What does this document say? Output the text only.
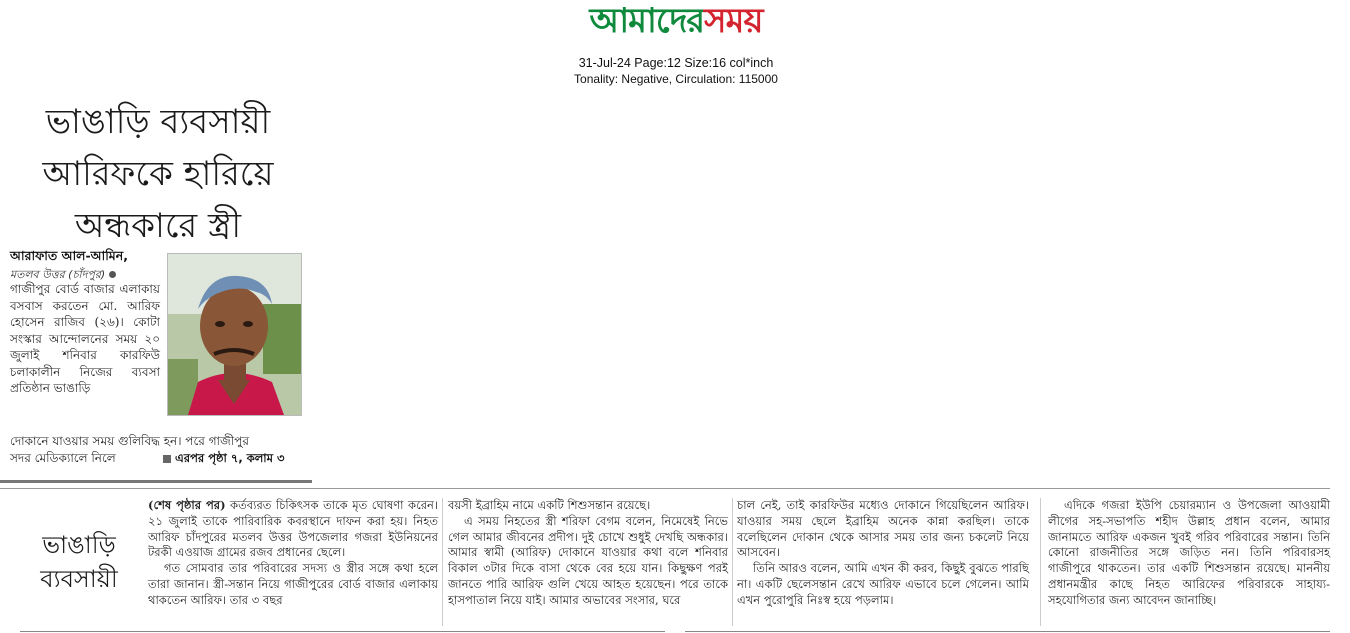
আমাদের সময়
31-Jul-24 Page:12 Size:16 col*inch
Tonality: Negative, Circulation: 115000
ভাঙাড়ি ব্যবসায়ী
আরিফকে হারিয়ে
অন্ধকারে স্ত্রী
আরাফাত আল-আমিন,
মতলব উত্তর (চাঁদপুর)
গাজীপুর বোর্ড বাজার এলাকায় বসবাস করতেন মো. আরিফ হোসেন রাজিব (২৬)। কোটা সংস্কার আন্দোলনের সময় ২০ জুলাই শনিবার কারফিউ চলাকালীন নিজের ব্যবসা প্রতিষ্ঠান ভাঙাড়ি
দোকানে যাওয়ার সময় গুলিবিদ্ধ হন। পরে গাজীপুর
সদর মেডিক্যালে নিলে	এরপর পৃষ্ঠা ৭, কলাম ৩
ভাঙাড়ি
ব্যবসায়ী

(শেষ পৃষ্ঠার পর) কর্তব্যরত চিকিৎসক তাকে মৃত ঘোষণা করেন। ২১ জুলাই তাকে পারিবারিক কবরস্থানে দাফন করা হয়। নিহত আরিফ চাঁদপুরের মতলব উত্তর উপজেলার গজরা ইউনিয়নের টরকী এওয়াজ গ্রামের রজব প্রধানের ছেলে।

গত সোমবার তার পরিবারের সদস্য ও স্ত্রীর সঙ্গে কথা হলে তারা জানান। স্ত্রী-সন্তান নিয়ে গাজীপুরের বোর্ড বাজার এলাকায় থাকতেন আরিফ। তার ৩ বছর

বয়সী ইব্রাহিম নামে একটি শিশুসন্তান রয়েছে।

এ সময় নিহতের স্ত্রী শরিফা বেগম বলেন, নিমেষেই নিভে গেল আমার জীবনের প্রদীপ। দুই চোখে শুধুই দেখছি অন্ধকার। আমার স্বামী (আরিফ) দোকানে যাওয়ার কথা বলে শনিবার বিকাল ৩টার দিকে বাসা থেকে বের হয়ে যান। কিছুক্ষণ পরই জানতে পারি আরিফ গুলি খেয়ে আহত হয়েছেন। পরে তাকে হাসপাতাল নিয়ে যাই। আমার অভাবের সংসার, ঘরে

চাল নেই, তাই কারফিউর মধ্যেও দোকানে গিয়েছিলেন আরিফ। যাওয়ার সময় ছেলে ইব্রাহিম অনেক কান্না করছিল। তাকে বলেছিলেন দোকান থেকে আসার সময় তার জন্য চকলেট নিয়ে আসবেন।

তিনি আরও বলেন, আমি এখন কী করব, কিছুই বুঝতে পারছি না। একটি ছেলেসন্তান রেখে আরিফ এভাবে চলে গেলেন। আমি এখন পুরোপুরি নিঃস্ব হয়ে পড়লাম।

এদিকে গজরা ইউপি চেয়ারম্যান ও উপজেলা আওয়ামী লীগের সহ-সভাপতি শহীদ উল্লাহ প্রধান বলেন, আমার জানামতে আরিফ একজন খুবই গরিব পরিবারের সন্তান। তিনি কোনো রাজনীতির সঙ্গে জড়িত নন। তিনি পরিবারসহ গাজীপুরে থাকতেন। তার একটি শিশুসন্তান রয়েছে। মাননীয় প্রধানমন্ত্রীর কাছে নিহত আরিফের পরিবারকে সাহায্য-সহযোগিতার জন্য আবেদন জানাচ্ছি।
